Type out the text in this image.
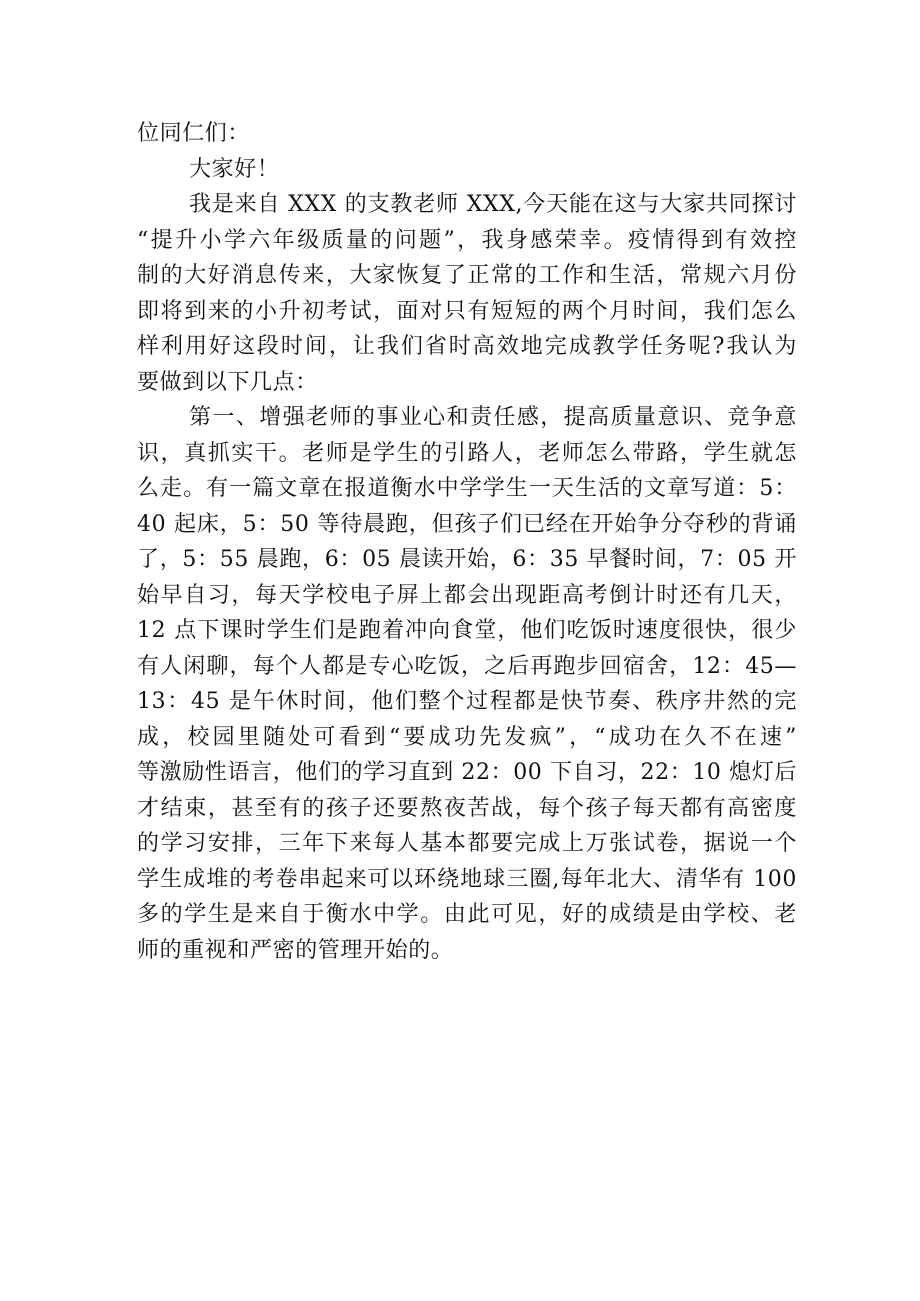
位同仁们：
大家好！
我是来自 XXX 的支教老师 XXX,今天能在这与大家共同探讨
“提升小学六年级质量的问题”，我身感荣幸。疫情得到有效控
制的大好消息传来，大家恢复了正常的工作和生活，常规六月份
即将到来的小升初考试，面对只有短短的两个月时间，我们怎么
样利用好这段时间，让我们省时高效地完成教学任务呢?我认为
要做到以下几点：
第一、增强老师的事业心和责任感，提高质量意识、竞争意
识，真抓实干。老师是学生的引路人，老师怎么带路，学生就怎
么走。有一篇文章在报道衡水中学学生一天生活的文章写道：5：
40 起床，5：50 等待晨跑，但孩子们已经在开始争分夺秒的背诵
了，5：55 晨跑，6：05 晨读开始，6：35 早餐时间，7：05 开
始早自习，每天学校电子屏上都会出现距高考倒计时还有几天，
12 点下课时学生们是跑着冲向食堂，他们吃饭时速度很快，很少
有人闲聊，每个人都是专心吃饭，之后再跑步回宿舍，12：45—
13：45 是午休时间，他们整个过程都是快节奏、秩序井然的完
成，校园里随处可看到“要成功先发疯”，“成功在久不在速”
等激励性语言，他们的学习直到 22：00 下自习，22：10 熄灯后
才结束，甚至有的孩子还要熬夜苦战，每个孩子每天都有高密度
的学习安排，三年下来每人基本都要完成上万张试卷，据说一个
学生成堆的考卷串起来可以环绕地球三圈,每年北大、清华有 100
多的学生是来自于衡水中学。由此可见，好的成绩是由学校、老
师的重视和严密的管理开始的。
